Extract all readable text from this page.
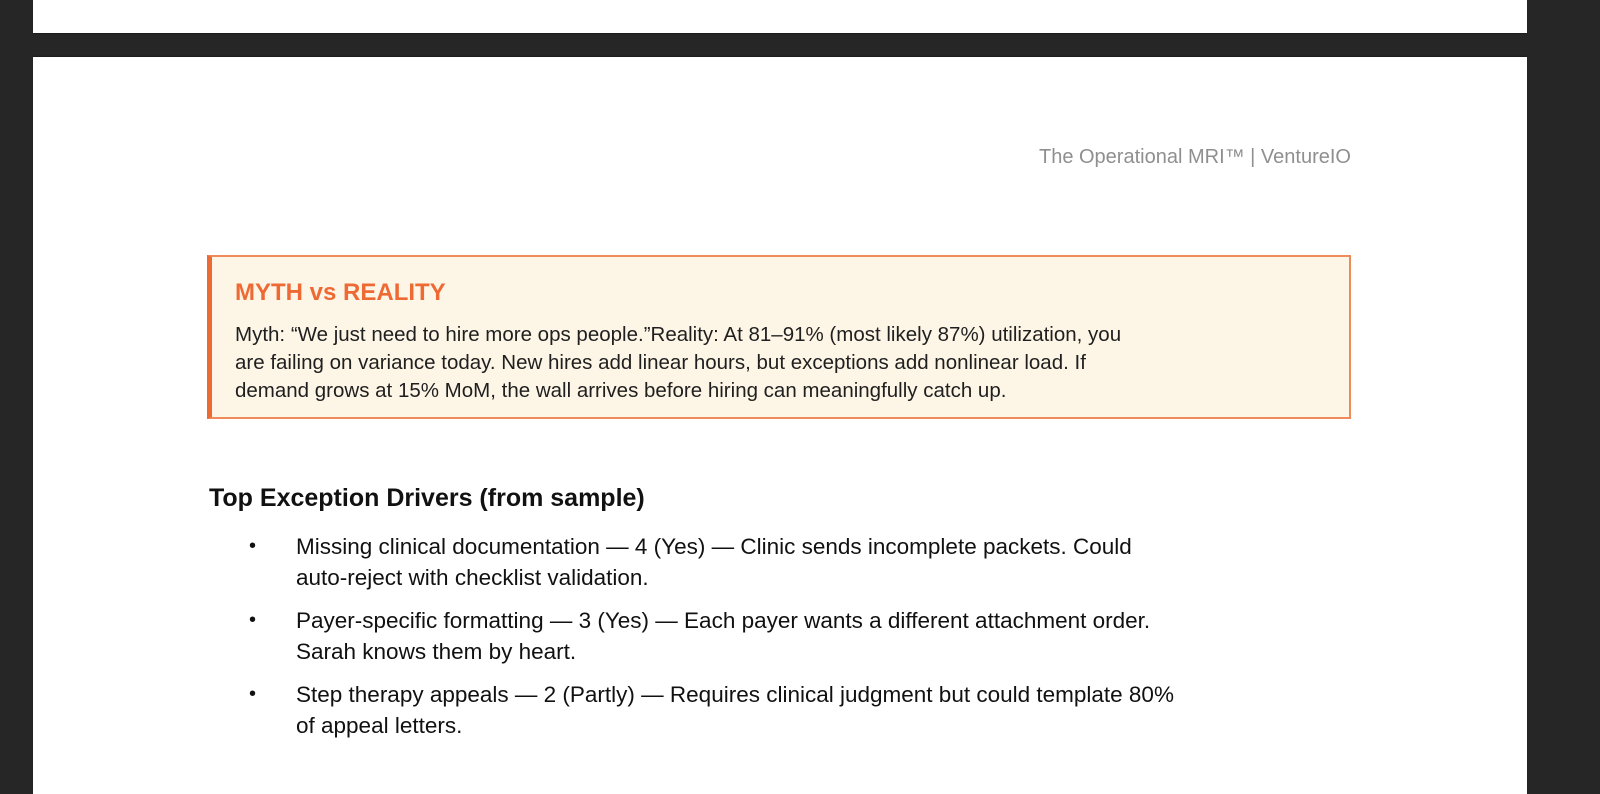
The Operational MRI™ | VentureIO
MYTH vs REALITY
Myth: “We just need to hire more ops people.”Reality: At 81–91% (most likely 87%) utilization, you
are failing on variance today. New hires add linear hours, but exceptions add nonlinear load. If
demand grows at 15% MoM, the wall arrives before hiring can meaningfully catch up.
Top Exception Drivers (from sample)
• Missing clinical documentation — 4 (Yes) — Clinic sends incomplete packets. Could
auto-reject with checklist validation.
• Payer-specific formatting — 3 (Yes) — Each payer wants a different attachment order.
Sarah knows them by heart.
• Step therapy appeals — 2 (Partly) — Requires clinical judgment but could template 80%
of appeal letters.
